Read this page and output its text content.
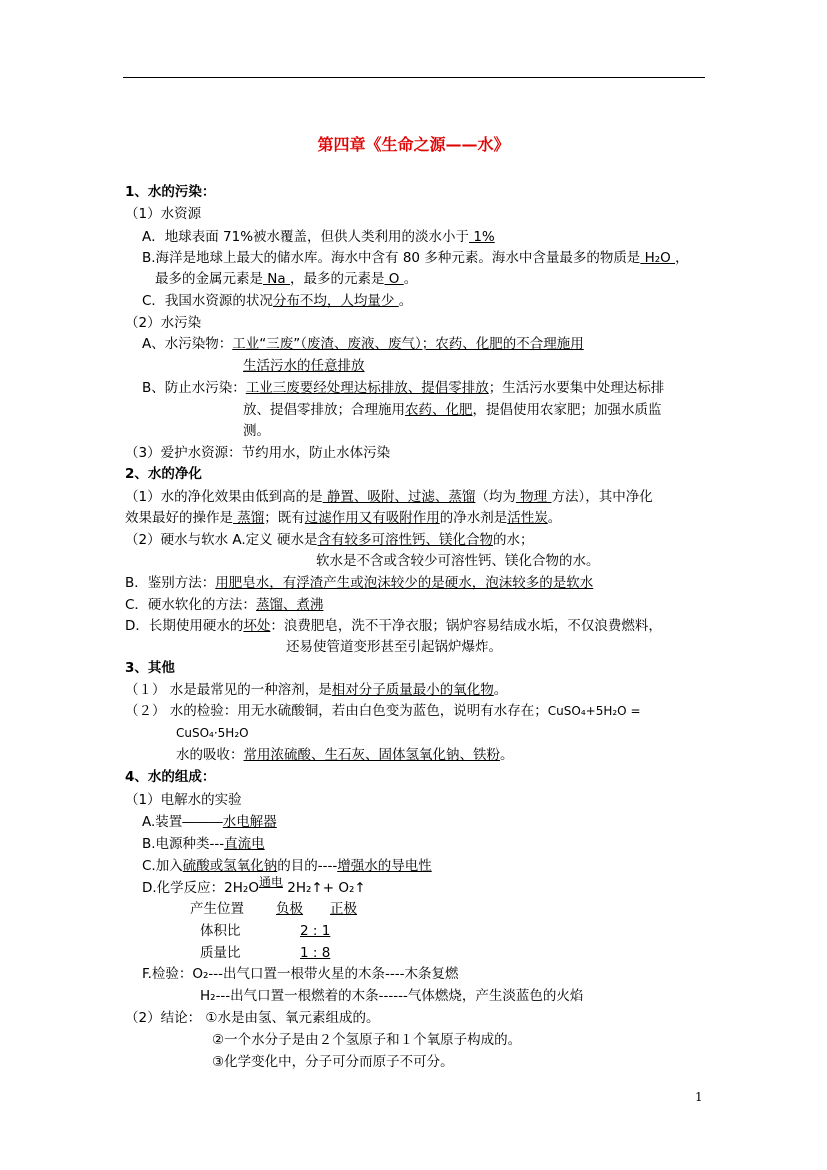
第四章《生命之源——水》
1、水的污染：
（1）水资源
A．地球表面 71%被水覆盖，但供人类利用的淡水小于 1%
B.海洋是地球上最大的储水库。海水中含有 80 多种元素。海水中含量最多的物质是 H₂O ，
最多的金属元素是 Na ，最多的元素是 O 。
C．我国水资源的状况分布不均，人均量少 。
（2）水污染
A、水污染物：工业“三废”（废渣、废液、废气）；农药、化肥的不合理施用
生活污水的任意排放
B、防止水污染：工业三废要经处理达标排放、提倡零排放；生活污水要集中处理达标排
放、提倡零排放；合理施用农药、化肥，提倡使用农家肥；加强水质监
测。
（3）爱护水资源：节约用水，防止水体污染
2、水的净化
（1）水的净化效果由低到高的是 静置、吸附、过滤、蒸馏（均为 物理 方法），其中净化
效果最好的操作是 蒸馏；既有过滤作用又有吸附作用的净水剂是活性炭。
（2）硬水与软水 A.定义 硬水是含有较多可溶性钙、镁化合物的水；
软水是不含或含较少可溶性钙、镁化合物的水。
B．鉴别方法：用肥皂水，有浮渣产生或泡沫较少的是硬水，泡沫较多的是软水
C．硬水软化的方法：蒸馏、煮沸
D．长期使用硬水的坏处：浪费肥皂，洗不干净衣服；锅炉容易结成水垢，不仅浪费燃料，
还易使管道变形甚至引起锅炉爆炸。
3、其他
（１） 水是最常见的一种溶剂，是相对分子质量最小的氧化物。
（２） 水的检验：用无水硫酸铜，若由白色变为蓝色，说明有水存在；CuSO₄+5H₂O =
CuSO₄·5H₂O
水的吸收：常用浓硫酸、生石灰、固体氢氧化钠、铁粉。
4、水的组成：
（1）电解水的实验
A.装置―――水电解器
B.电源种类---直流电
C.加入硫酸或氢氧化钠的目的----增强水的导电性
D.化学反应：2H₂O通电 2H₂↑+ O₂↑
产生位置 负极 正极
体积比	2 : 1
质量比	1 : 8
F.检验：O₂---出气口置一根带火星的木条----木条复燃
H₂---出气口置一根燃着的木条------气体燃烧，产生淡蓝色的火焰
（2）结论： ①水是由氢、氧元素组成的。
②一个水分子是由２个氢原子和１个氧原子构成的。
③化学变化中，分子可分而原子不可分。
1
